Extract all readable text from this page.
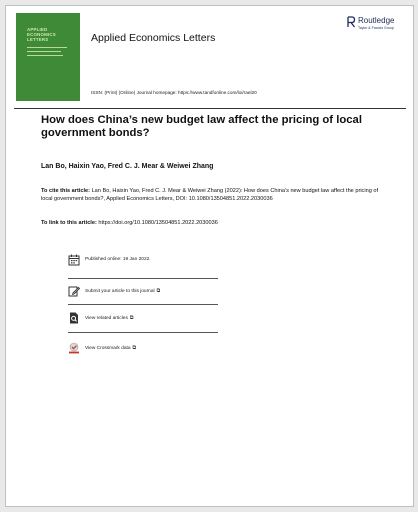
APPLIED
ECONOMICS
LETTERS	Applied Economics Letters
Routledge
Taylor & Francis Group
ISSN: (Print) (Online) Journal homepage: https://www.tandfonline.com/loi/rael20
How does China’s new budget law affect the pricing of local government bonds?
Lan Bo, Haixin Yao, Fred C. J. Mear & Weiwei Zhang
To cite this article: Lan Bo, Haixin Yao, Fred C. J. Mear & Weiwei Zhang (2022): How does China’s new budget law affect the pricing of local government bonds?, Applied Economics Letters, DOI: 10.1080/13504851.2022.2030036
To link to this article: https://doi.org/10.1080/13504851.2022.2030036
Published online: 19 Jan 2022.
Submit your article to this journal ⧉
View related articles ⧉
View Crossmark data ⧉
